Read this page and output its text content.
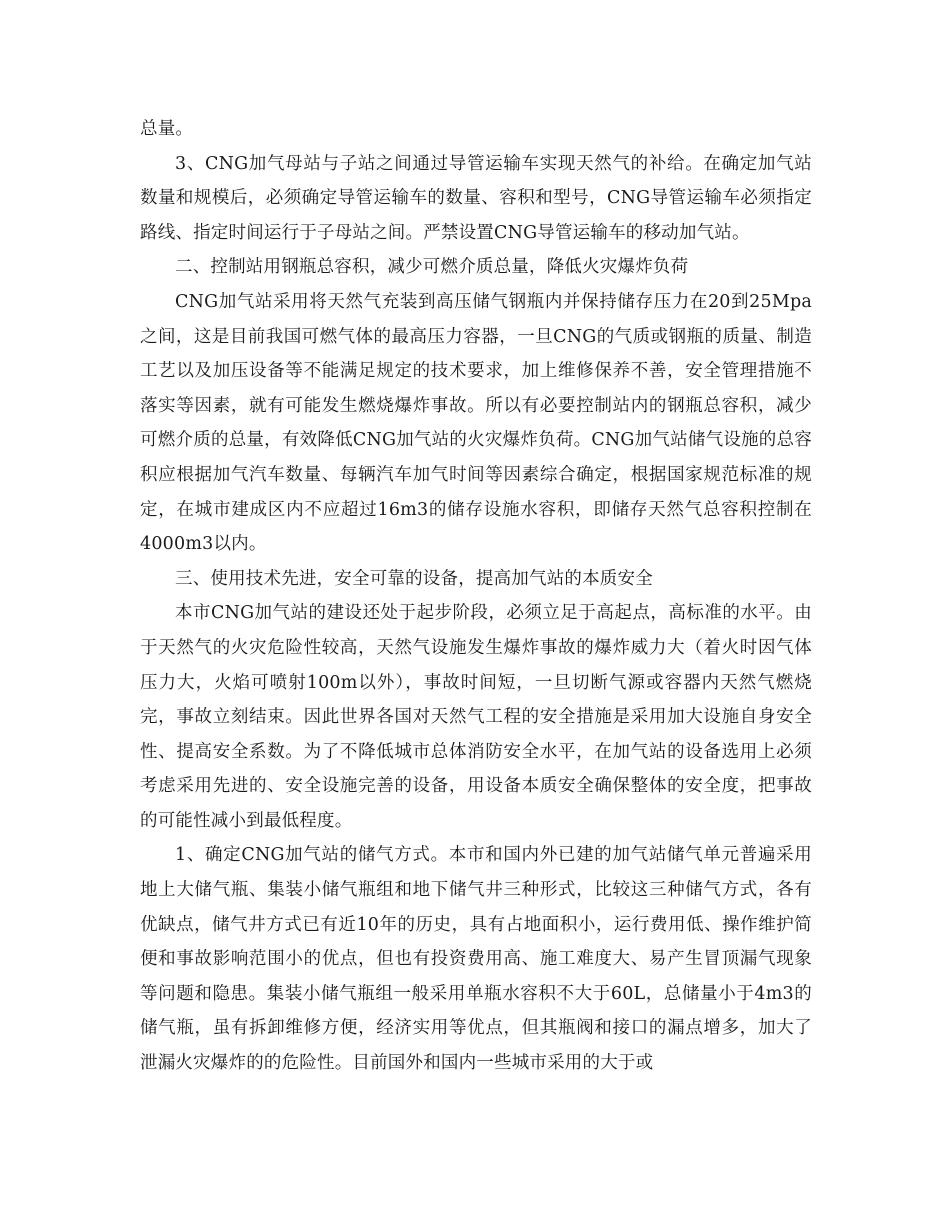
总量。

3、CNG加气母站与子站之间通过导管运输车实现天然气的补给。在确定加气站数量和规模后，必须确定导管运输车的数量、容积和型号，CNG导管运输车必须指定路线、指定时间运行于子母站之间。严禁设置CNG导管运输车的移动加气站。

二、控制站用钢瓶总容积，减少可燃介质总量，降低火灾爆炸负荷

CNG加气站采用将天然气充装到高压储气钢瓶内并保持储存压力在20到25Mpa之间，这是目前我国可燃气体的最高压力容器，一旦CNG的气质或钢瓶的质量、制造工艺以及加压设备等不能满足规定的技术要求，加上维修保养不善，安全管理措施不落实等因素，就有可能发生燃烧爆炸事故。所以有必要控制站内的钢瓶总容积，减少可燃介质的总量，有效降低CNG加气站的火灾爆炸负荷。CNG加气站储气设施的总容积应根据加气汽车数量、每辆汽车加气时间等因素综合确定，根据国家规范标准的规定，在城市建成区内不应超过16m3的储存设施水容积，即储存天然气总容积控制在4000m3以内。

三、使用技术先进，安全可靠的设备，提高加气站的本质安全

本市CNG加气站的建设还处于起步阶段，必须立足于高起点，高标准的水平。由于天然气的火灾危险性较高，天然气设施发生爆炸事故的爆炸威力大（着火时因气体压力大，火焰可喷射100m以外），事故时间短，一旦切断气源或容器内天然气燃烧完，事故立刻结束。因此世界各国对天然气工程的安全措施是采用加大设施自身安全性、提高安全系数。为了不降低城市总体消防安全水平，在加气站的设备选用上必须考虑采用先进的、安全设施完善的设备，用设备本质安全确保整体的安全度，把事故的可能性减小到最低程度。

1、确定CNG加气站的储气方式。本市和国内外已建的加气站储气单元普遍采用地上大储气瓶、集装小储气瓶组和地下储气井三种形式，比较这三种储气方式，各有优缺点，储气井方式已有近10年的历史，具有占地面积小，运行费用低、操作维护简便和事故影响范围小的优点，但也有投资费用高、施工难度大、易产生冒顶漏气现象等问题和隐患。集装小储气瓶组一般采用单瓶水容积不大于60L，总储量小于4m3的储气瓶，虽有拆卸维修方便，经济实用等优点，但其瓶阀和接口的漏点增多，加大了泄漏火灾爆炸的的危险性。目前国外和国内一些城市采用的大于或
